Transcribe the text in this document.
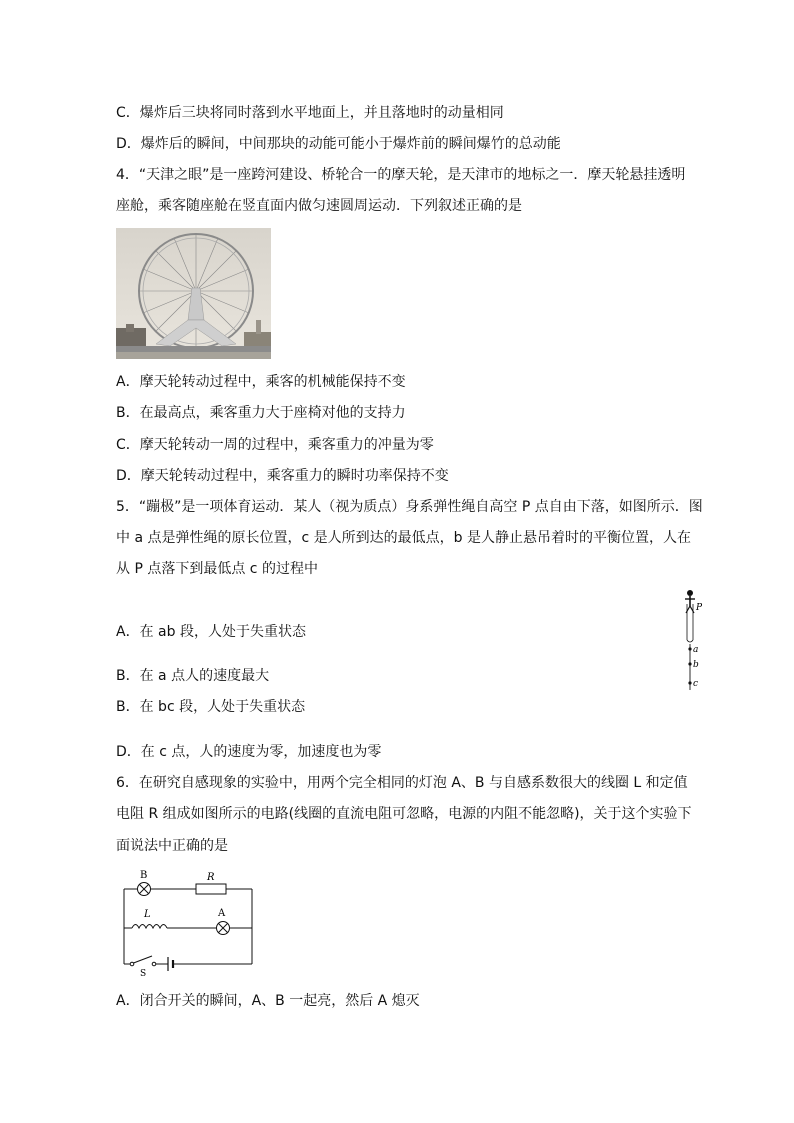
C．爆炸后三块将同时落到水平地面上，并且落地时的动量相同
D．爆炸后的瞬间，中间那块的动能可能小于爆炸前的瞬间爆竹的总动能
4．“天津之眼”是一座跨河建设、桥轮合一的摩天轮，是天津市的地标之一．摩天轮悬挂透明
座舱，乘客随座舱在竖直面内做匀速圆周运动．下列叙述正确的是
A．摩天轮转动过程中，乘客的机械能保持不变
B．在最高点，乘客重力大于座椅对他的支持力
C．摩天轮转动一周的过程中，乘客重力的冲量为零
D．摩天轮转动过程中，乘客重力的瞬时功率保持不变
5．“蹦极”是一项体育运动．某人（视为质点）身系弹性绳自高空 P 点自由下落，如图所示．图
中 a 点是弹性绳的原长位置，c 是人所到达的最低点，b 是人静止悬吊着时的平衡位置，人在
从 P 点落下到最低点 c 的过程中
P
a
b
c
A．在 ab 段，人处于失重状态
B．在 a 点人的速度最大
B．在 bc 段，人处于失重状态
D．在 c 点，人的速度为零，加速度也为零
6．在研究自感现象的实验中，用两个完全相同的灯泡 A、B 与自感系数很大的线圈 L 和定值
电阻 R 组成如图所示的电路(线圈的直流电阻可忽略，电源的内阻不能忽略)，关于这个实验下
面说法中正确的是
B	R
L	A
S
A．闭合开关的瞬间，A、B 一起亮，然后 A 熄灭
